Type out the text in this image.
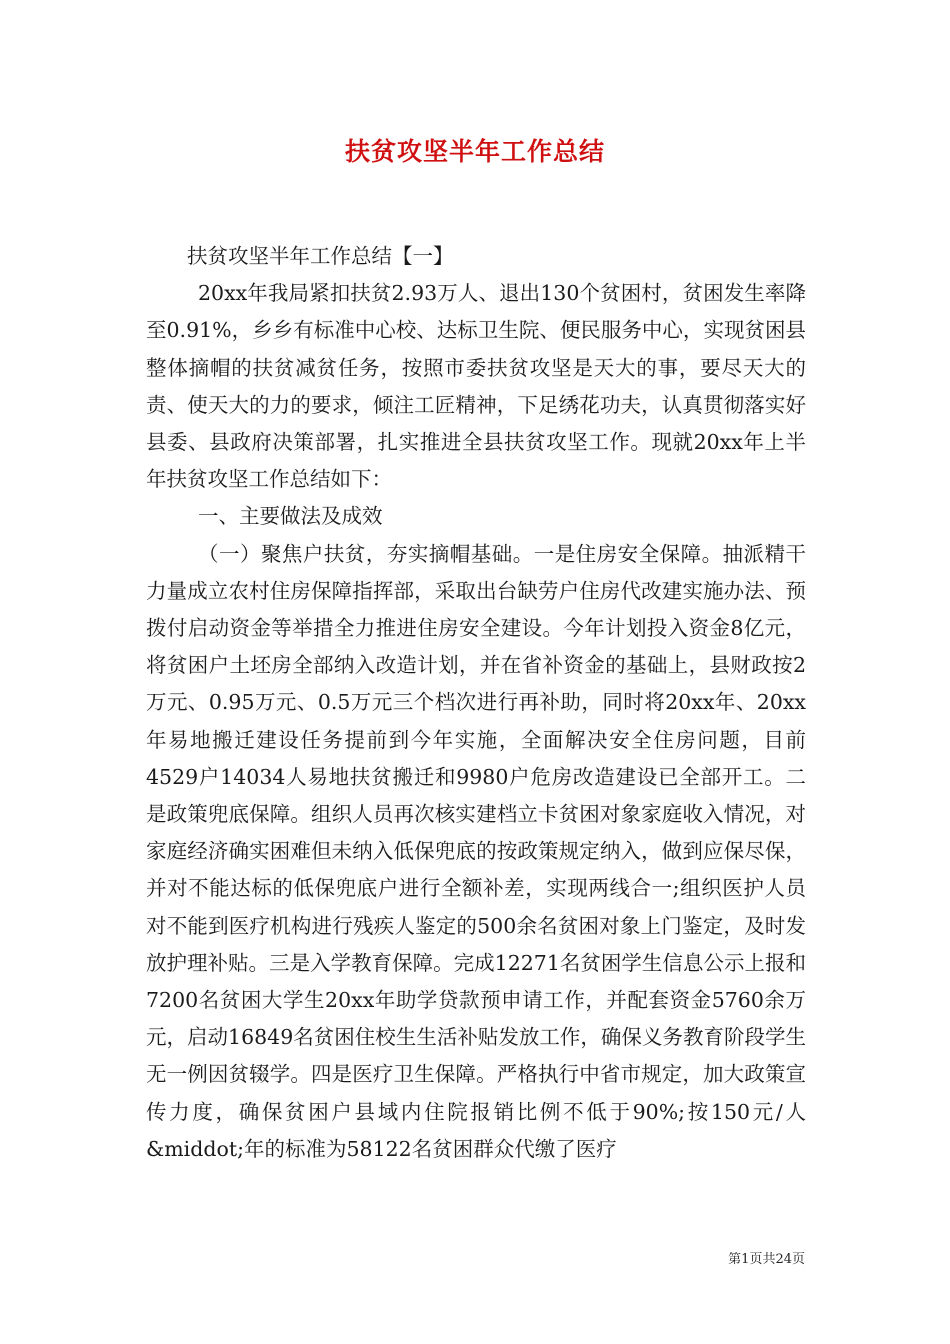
扶贫攻坚半年工作总结

扶贫攻坚半年工作总结【一】

20xx年我局紧扣扶贫2.93万人、退出130个贫困村，贫困发生率降至0.91%，乡乡有标准中心校、达标卫生院、便民服务中心，实现贫困县整体摘帽的扶贫减贫任务，按照市委扶贫攻坚是天大的事，要尽天大的责、使天大的力的要求，倾注工匠精神，下足绣花功夫，认真贯彻落实好县委、县政府决策部署，扎实推进全县扶贫攻坚工作。现就20xx年上半年扶贫攻坚工作总结如下：

一、主要做法及成效

（一）聚焦户扶贫，夯实摘帽基础。一是住房安全保障。抽派精干力量成立农村住房保障指挥部，采取出台缺劳户住房代改建实施办法、预拨付启动资金等举措全力推进住房安全建设。今年计划投入资金8亿元，将贫困户土坯房全部纳入改造计划，并在省补资金的基础上，县财政按2万元、0.95万元、0.5万元三个档次进行再补助，同时将20xx年、20xx年易地搬迁建设任务提前到今年实施，全面解决安全住房问题，目前4529户14034人易地扶贫搬迁和9980户危房改造建设已全部开工。二是政策兜底保障。组织人员再次核实建档立卡贫困对象家庭收入情况，对家庭经济确实困难但未纳入低保兜底的按政策规定纳入，做到应保尽保，并对不能达标的低保兜底户进行全额补差，实现两线合一;组织医护人员对不能到医疗机构进行残疾人鉴定的500余名贫困对象上门鉴定，及时发放护理补贴。三是入学教育保障。完成12271名贫困学生信息公示上报和7200名贫困大学生20xx年助学贷款预申请工作，并配套资金5760余万元，启动16849名贫困住校生生活补贴发放工作，确保义务教育阶段学生无一例因贫辍学。四是医疗卫生保障。严格执行中省市规定，加大政策宣传力度，确保贫困户县域内住院报销比例不低于90%;按150元/人&middot;年的标准为58122名贫困群众代缴了医疗

第1页共24页
